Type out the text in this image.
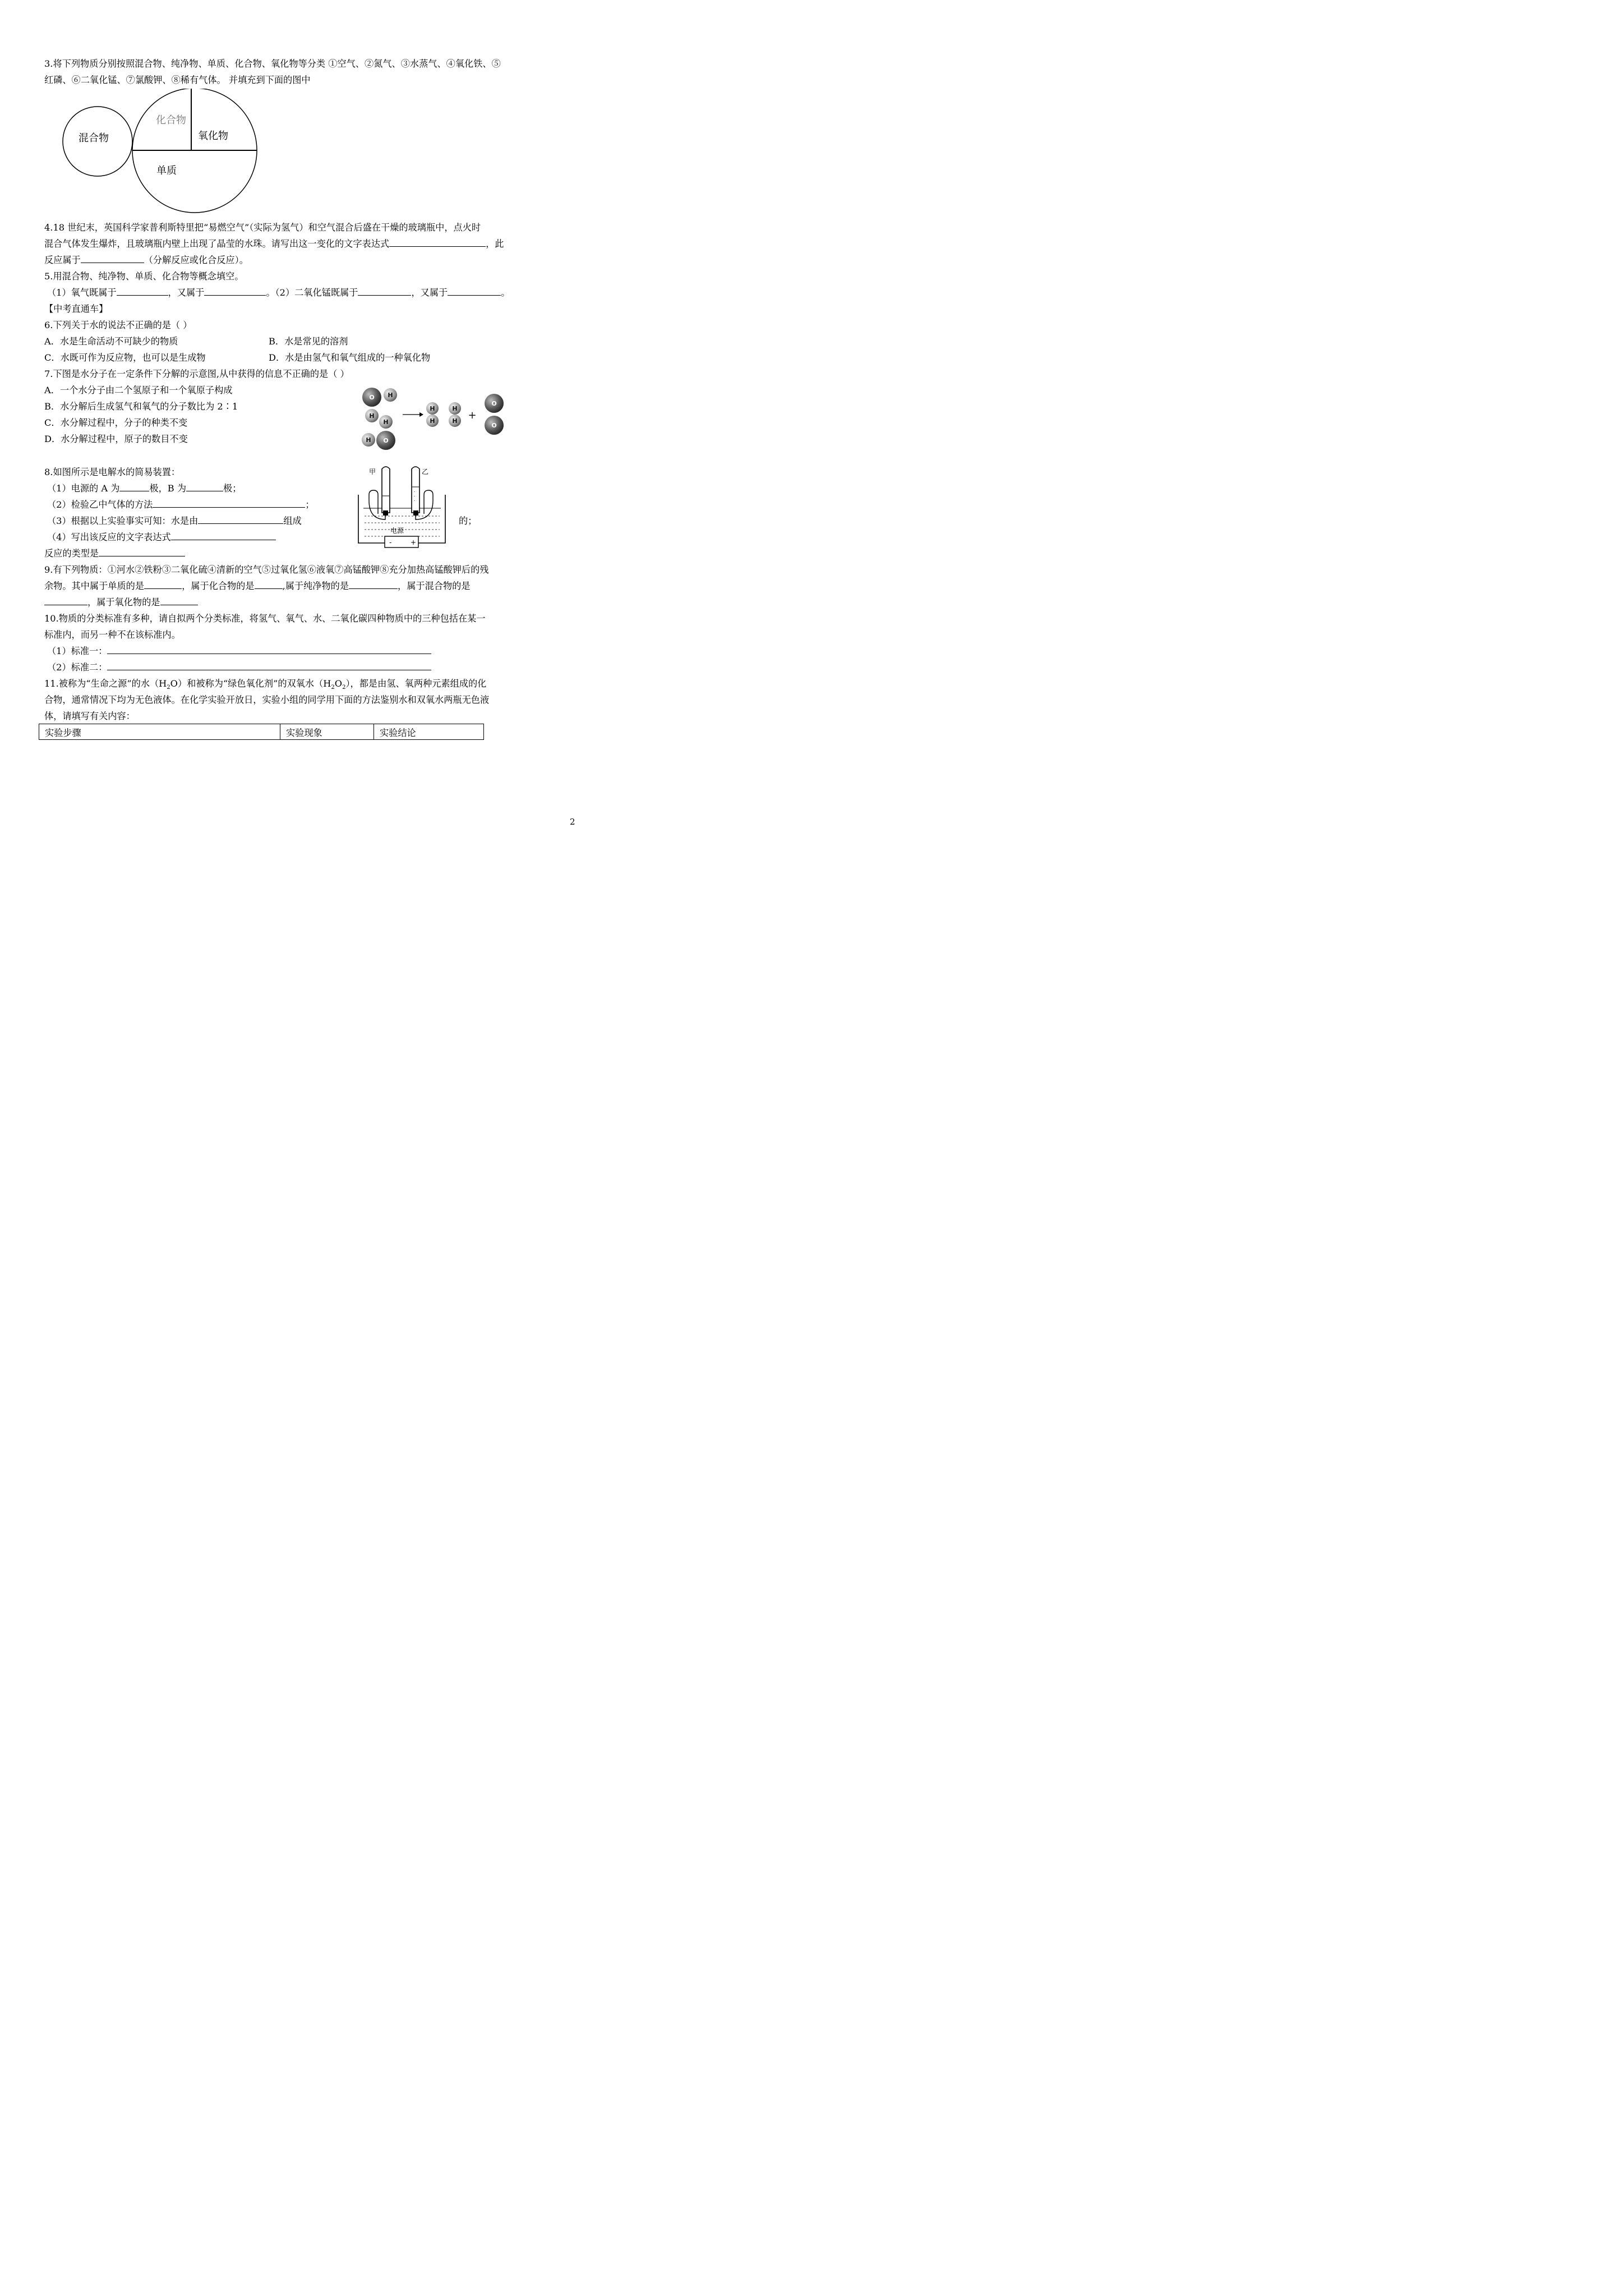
3.将下列物质分别按照混合物、纯净物、单质、化合物、氧化物等分类 ①空气、②氮气、③水蒸气、④氧化铁、⑤
红磷、⑥二氧化锰、⑦氯酸钾、⑧稀有气体。 并填充到下面的图中
混合物
化合物
氧化物
单质
4.18 世纪末，英国科学家普利斯特里把“易燃空气”（实际为氢气）和空气混合后盛在干燥的玻璃瓶中，点火时
混合气体发生爆炸，且玻璃瓶内壁上出现了晶莹的水珠。请写出这一变化的文字表达式	，此
反应属于	（分解反应或化合反应）。
5.用混合物、纯净物、单质、化合物等概念填空。
（1）氧气既属于	，又属于	。（2）二氧化锰既属于	，又属于	。
【中考直通车】
6.下列关于水的说法不正确的是（ ）
A．水是生命活动不可缺少的物质	B．水是常见的溶剂
C．水既可作为反应物，也可以是生成物	D．水是由氢气和氧气组成的一种氧化物
7.下图是水分子在一定条件下分解的示意图,从中获得的信息不正确的是（ ）
A．一个水分子由二个氢原子和一个氧原子构成
B．水分解后生成氢气和氧气的分子数比为 2∶1
C．水分解过程中，分子的种类不变
D．水分解过程中，原子的数目不变
O H
H
H
H O
H
H
H
H +
O
O
8.如图所示是电解水的简易装置：
（1）电源的 A 为	极，B 为	极；
（2）检验乙中气体的方法	；
（3）根据以上实验事实可知：水是由	组成	的；
（4）写出该反应的文字表达式
反应的类型是
甲	乙
-
-
-
电源
-	+
9.有下列物质：①河水②铁粉③二氧化硫④清新的空气⑤过氧化氢⑥液氧⑦高锰酸钾⑧充分加热高锰酸钾后的残
余物。其中属于单质的是	，属于化合物的是	,属于纯净物的是	，属于混合物的是
，属于氧化物的是
10.物质的分类标准有多种，请自拟两个分类标准，将氢气、氧气、水、二氧化碳四种物质中的三种包括在某一
标准内，而另一种不在该标准内。
（1）标准一：
（2）标准二：
11.被称为“生命之源”的水$(H_2O)$和被称为“绿色氧化剂”的双氧水$(H_2O_2)$，都是由氢、氧两种元素组成的化
合物，通常情况下均为无色液体。在化学实验开放日，实验小组的同学用下面的方法鉴别水和双氧水两瓶无色液
体，请填写有关内容：
实验步骤	实验现象	实验结论
2
